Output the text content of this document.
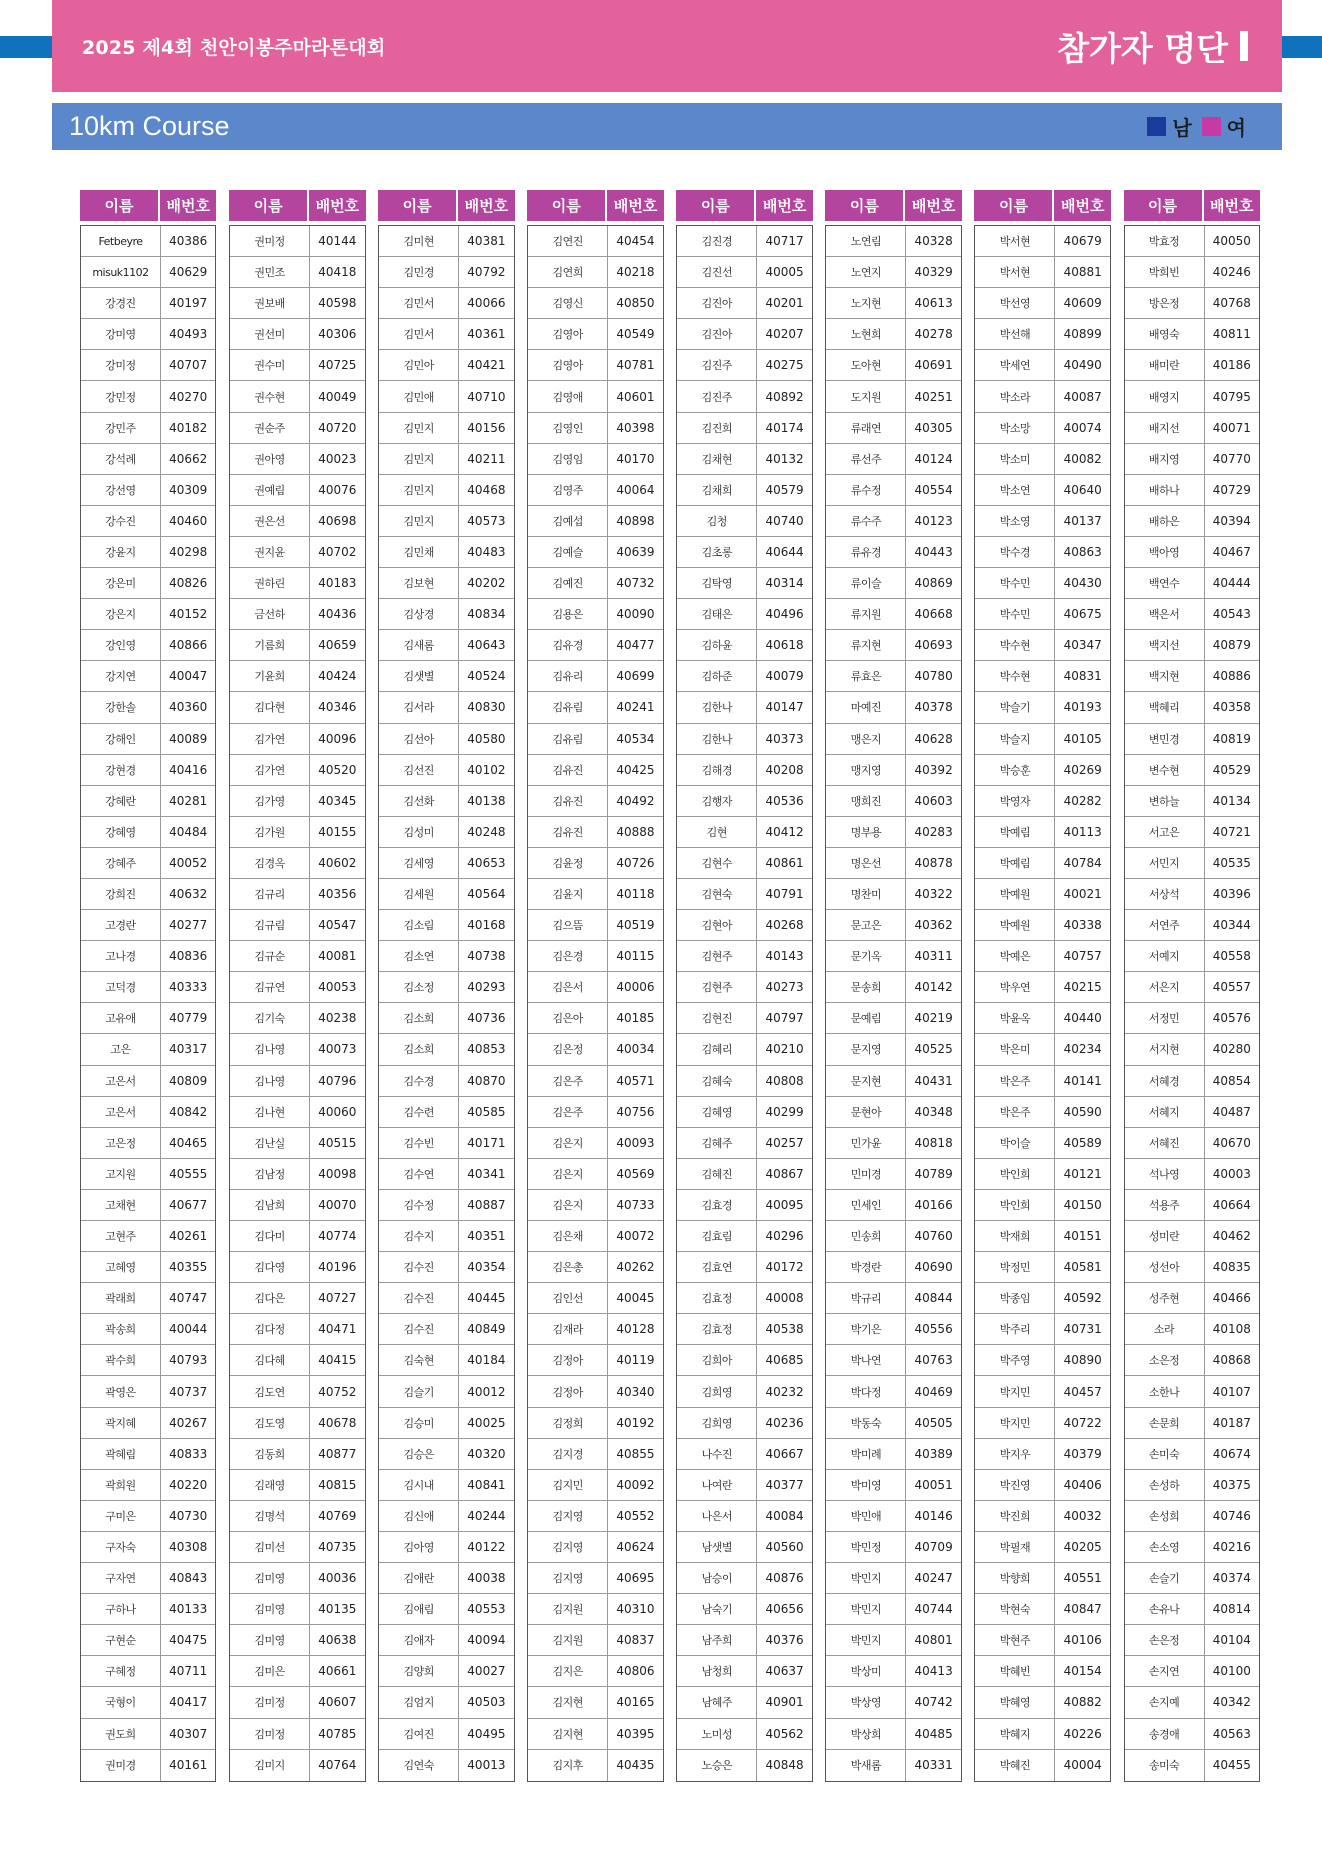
2025 제4회 천안이봉주마라톤대회	참가자 명단
10km Course	남 여
이름	배번호
Fetbeyre	40386
misuk1102	40629
강경진	40197
강미영	40493
강미정	40707
강민정	40270
강민주	40182
강석례	40662
강선영	40309
강수진	40460
강윤지	40298
강은미	40826
강은지	40152
강인영	40866
강지연	40047
강한솔	40360
강해인	40089
강현경	40416
강혜란	40281
강혜영	40484
강혜주	40052
강희진	40632
고경란	40277
고나경	40836
고덕경	40333
고유애	40779
고은	40317
고은서	40809
고은서	40842
고은정	40465
고지원	40555
고채현	40677
고현주	40261
고혜영	40355
곽래희	40747
곽송희	40044
곽수희	40793
곽영은	40737
곽지혜	40267
곽혜림	40833
곽희원	40220
구미은	40730
구자숙	40308
구자연	40843
구하나	40133
구현순	40475
구혜정	40711
국형이	40417
권도희	40307
권미경	40161
이름	배번호
권미정	40144
권민조	40418
권보배	40598
권선미	40306
권수미	40725
권수현	40049
권순주	40720
권아영	40023
권예림	40076
권은선	40698
권지윤	40702
권하린	40183
금선하	40436
기름희	40659
기윤희	40424
김다현	40346
김가연	40096
김가연	40520
김가영	40345
김가원	40155
김경옥	40602
김규리	40356
김규림	40547
김규순	40081
김규연	40053
김기숙	40238
김나영	40073
김나영	40796
김나현	40060
김난실	40515
김남정	40098
김남희	40070
김다미	40774
김다영	40196
김다은	40727
김다정	40471
김다혜	40415
김도연	40752
김도영	40678
김동희	40877
김래영	40815
김명석	40769
김미선	40735
김미영	40036
김미영	40135
김미영	40638
김미은	40661
김미정	40607
김미정	40785
김미지	40764
이름	배번호
김미현	40381
김민경	40792
김민서	40066
김민서	40361
김민아	40421
김민애	40710
김민지	40156
김민지	40211
김민지	40468
김민지	40573
김민채	40483
김보현	40202
김상경	40834
김새롬	40643
김샛별	40524
김서라	40830
김선아	40580
김선진	40102
김선화	40138
김성미	40248
김세영	40653
김세원	40564
김소림	40168
김소연	40738
김소정	40293
김소희	40736
김소희	40853
김수경	40870
김수련	40585
김수빈	40171
김수연	40341
김수정	40887
김수지	40351
김수진	40354
김수진	40445
김수진	40849
김숙현	40184
김슬기	40012
김승미	40025
김승은	40320
김시내	40841
김신애	40244
김아영	40122
김애란	40038
김애림	40553
김애자	40094
김양희	40027
김엄지	40503
김여진	40495
김연숙	40013
이름	배번호
김연진	40454
김연희	40218
김영신	40850
김영아	40549
김영아	40781
김영애	40601
김영인	40398
김영임	40170
김영주	40064
김예섭	40898
김예슬	40639
김예진	40732
김용은	40090
김유경	40477
김유리	40699
김유림	40241
김유림	40534
김유진	40425
김유진	40492
김유진	40888
김윤정	40726
김윤지	40118
김으뜸	40519
김은경	40115
김은서	40006
김은아	40185
김은정	40034
김은주	40571
김은주	40756
김은지	40093
김은지	40569
김은지	40733
김은채	40072
김은총	40262
김인선	40045
김재라	40128
김정아	40119
김정아	40340
김정희	40192
김지경	40855
김지민	40092
김지영	40552
김지영	40624
김지영	40695
김지원	40310
김지원	40837
김지은	40806
김지현	40165
김지현	40395
김지후	40435
이름	배번호
김진경	40717
김진선	40005
김진아	40201
김진아	40207
김진주	40275
김진주	40892
김진희	40174
김채현	40132
김채희	40579
김청	40740
김초롱	40644
김탁영	40314
김태은	40496
김하윤	40618
김하준	40079
김한나	40147
김한나	40373
김해경	40208
김행자	40536
김현	40412
김현수	40861
김현숙	40791
김현아	40268
김현주	40143
김현주	40273
김현진	40797
김혜리	40210
김혜숙	40808
김혜영	40299
김혜주	40257
김혜진	40867
김효경	40095
김효림	40296
김효연	40172
김효정	40008
김효정	40538
김희아	40685
김희영	40232
김희영	40236
나수진	40667
나여란	40377
나은서	40084
남샛별	40560
남승이	40876
남숙기	40656
남주희	40376
남청희	40637
남혜주	40901
노미성	40562
노승은	40848
이름	배번호
노연림	40328
노연지	40329
노지현	40613
노현희	40278
도아현	40691
도지원	40251
류래연	40305
류선주	40124
류수정	40554
류수주	40123
류유경	40443
류이슬	40869
류지원	40668
류지현	40693
류효은	40780
마예진	40378
맹은지	40628
맹지영	40392
맹희진	40603
명부용	40283
명은선	40878
명찬미	40322
문고은	40362
문기옥	40311
문송희	40142
문예림	40219
문지영	40525
문지현	40431
문현아	40348
민가윤	40818
민미경	40789
민세인	40166
민송희	40760
박경란	40690
박규리	40844
박기은	40556
박나연	40763
박다정	40469
박동숙	40505
박미례	40389
박미영	40051
박민애	40146
박민정	40709
박민지	40247
박민지	40744
박민지	40801
박상미	40413
박상영	40742
박상희	40485
박새롬	40331
이름	배번호
박서현	40679
박서현	40881
박선영	40609
박선해	40899
박세연	40490
박소라	40087
박소망	40074
박소미	40082
박소연	40640
박소영	40137
박수경	40863
박수민	40430
박수민	40675
박수현	40347
박수현	40831
박슬기	40193
박슬지	40105
박승훈	40269
박영자	40282
박예림	40113
박예림	40784
박예원	40021
박예원	40338
박예은	40757
박우연	40215
박윤옥	40440
박은미	40234
박은주	40141
박은주	40590
박이슬	40589
박인희	40121
박인희	40150
박재희	40151
박정민	40581
박종임	40592
박주리	40731
박주영	40890
박지민	40457
박지민	40722
박지우	40379
박진영	40406
박진희	40032
박필재	40205
박향희	40551
박현숙	40847
박현주	40106
박혜빈	40154
박혜영	40882
박혜지	40226
박혜진	40004
이름	배번호
박효정	40050
박희빈	40246
방은정	40768
배영숙	40811
배미란	40186
배영지	40795
배지선	40071
배지영	40770
배하나	40729
배하은	40394
백아영	40467
백연수	40444
백은서	40543
백지선	40879
백지현	40886
백혜리	40358
변민경	40819
변수현	40529
변하늘	40134
서고은	40721
서민지	40535
서상석	40396
서연주	40344
서예지	40558
서은지	40557
서정민	40576
서지현	40280
서혜경	40854
서혜지	40487
서혜진	40670
석나영	40003
석용주	40664
성미란	40462
성선아	40835
성주현	40466
소라	40108
소은정	40868
소한나	40107
손문희	40187
손미숙	40674
손성하	40375
손성희	40746
손소영	40216
손슬기	40374
손유나	40814
손은정	40104
손지연	40100
손지예	40342
송경애	40563
송미숙	40455
